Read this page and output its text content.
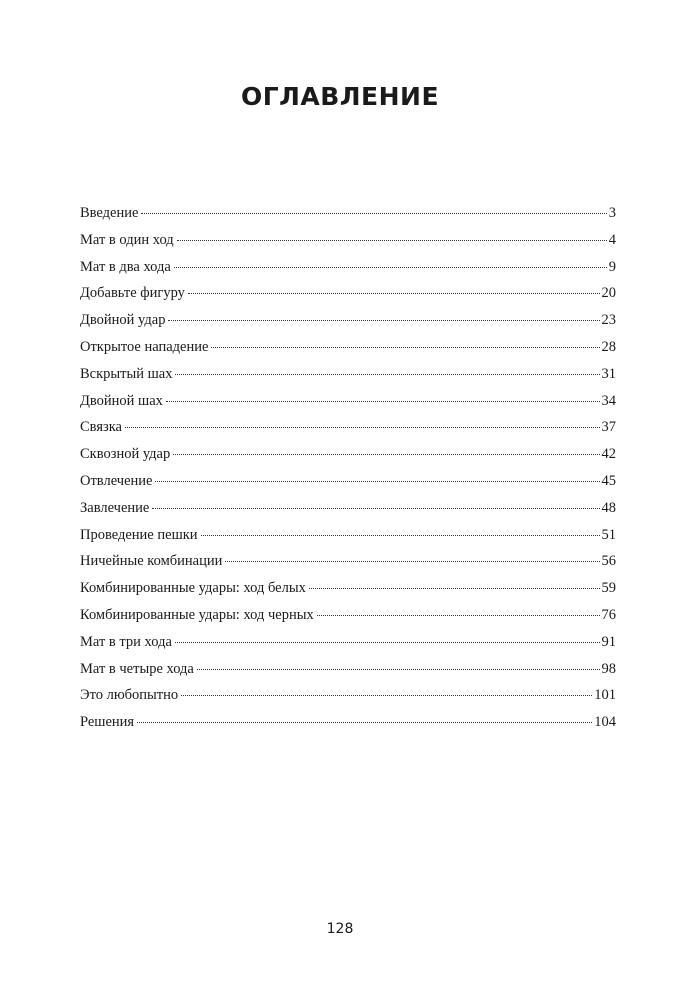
ОГЛАВЛЕНИЕ
Введение	3
Мат в один ход	4
Мат в два хода	9
Добавьте фигуру	20
Двойной удар	23
Открытое нападение	28
Вскрытый шах	31
Двойной шах	34
Связка	37
Сквозной удар	42
Отвлечение	45
Завлечение	48
Проведение пешки	51
Ничейные комбинации	56
Комбинированные удары: ход белых	59
Комбинированные удары: ход черных	76
Мат в три хода	91
Мат в четыре хода	98
Это любопытно	101
Решения	104
128
